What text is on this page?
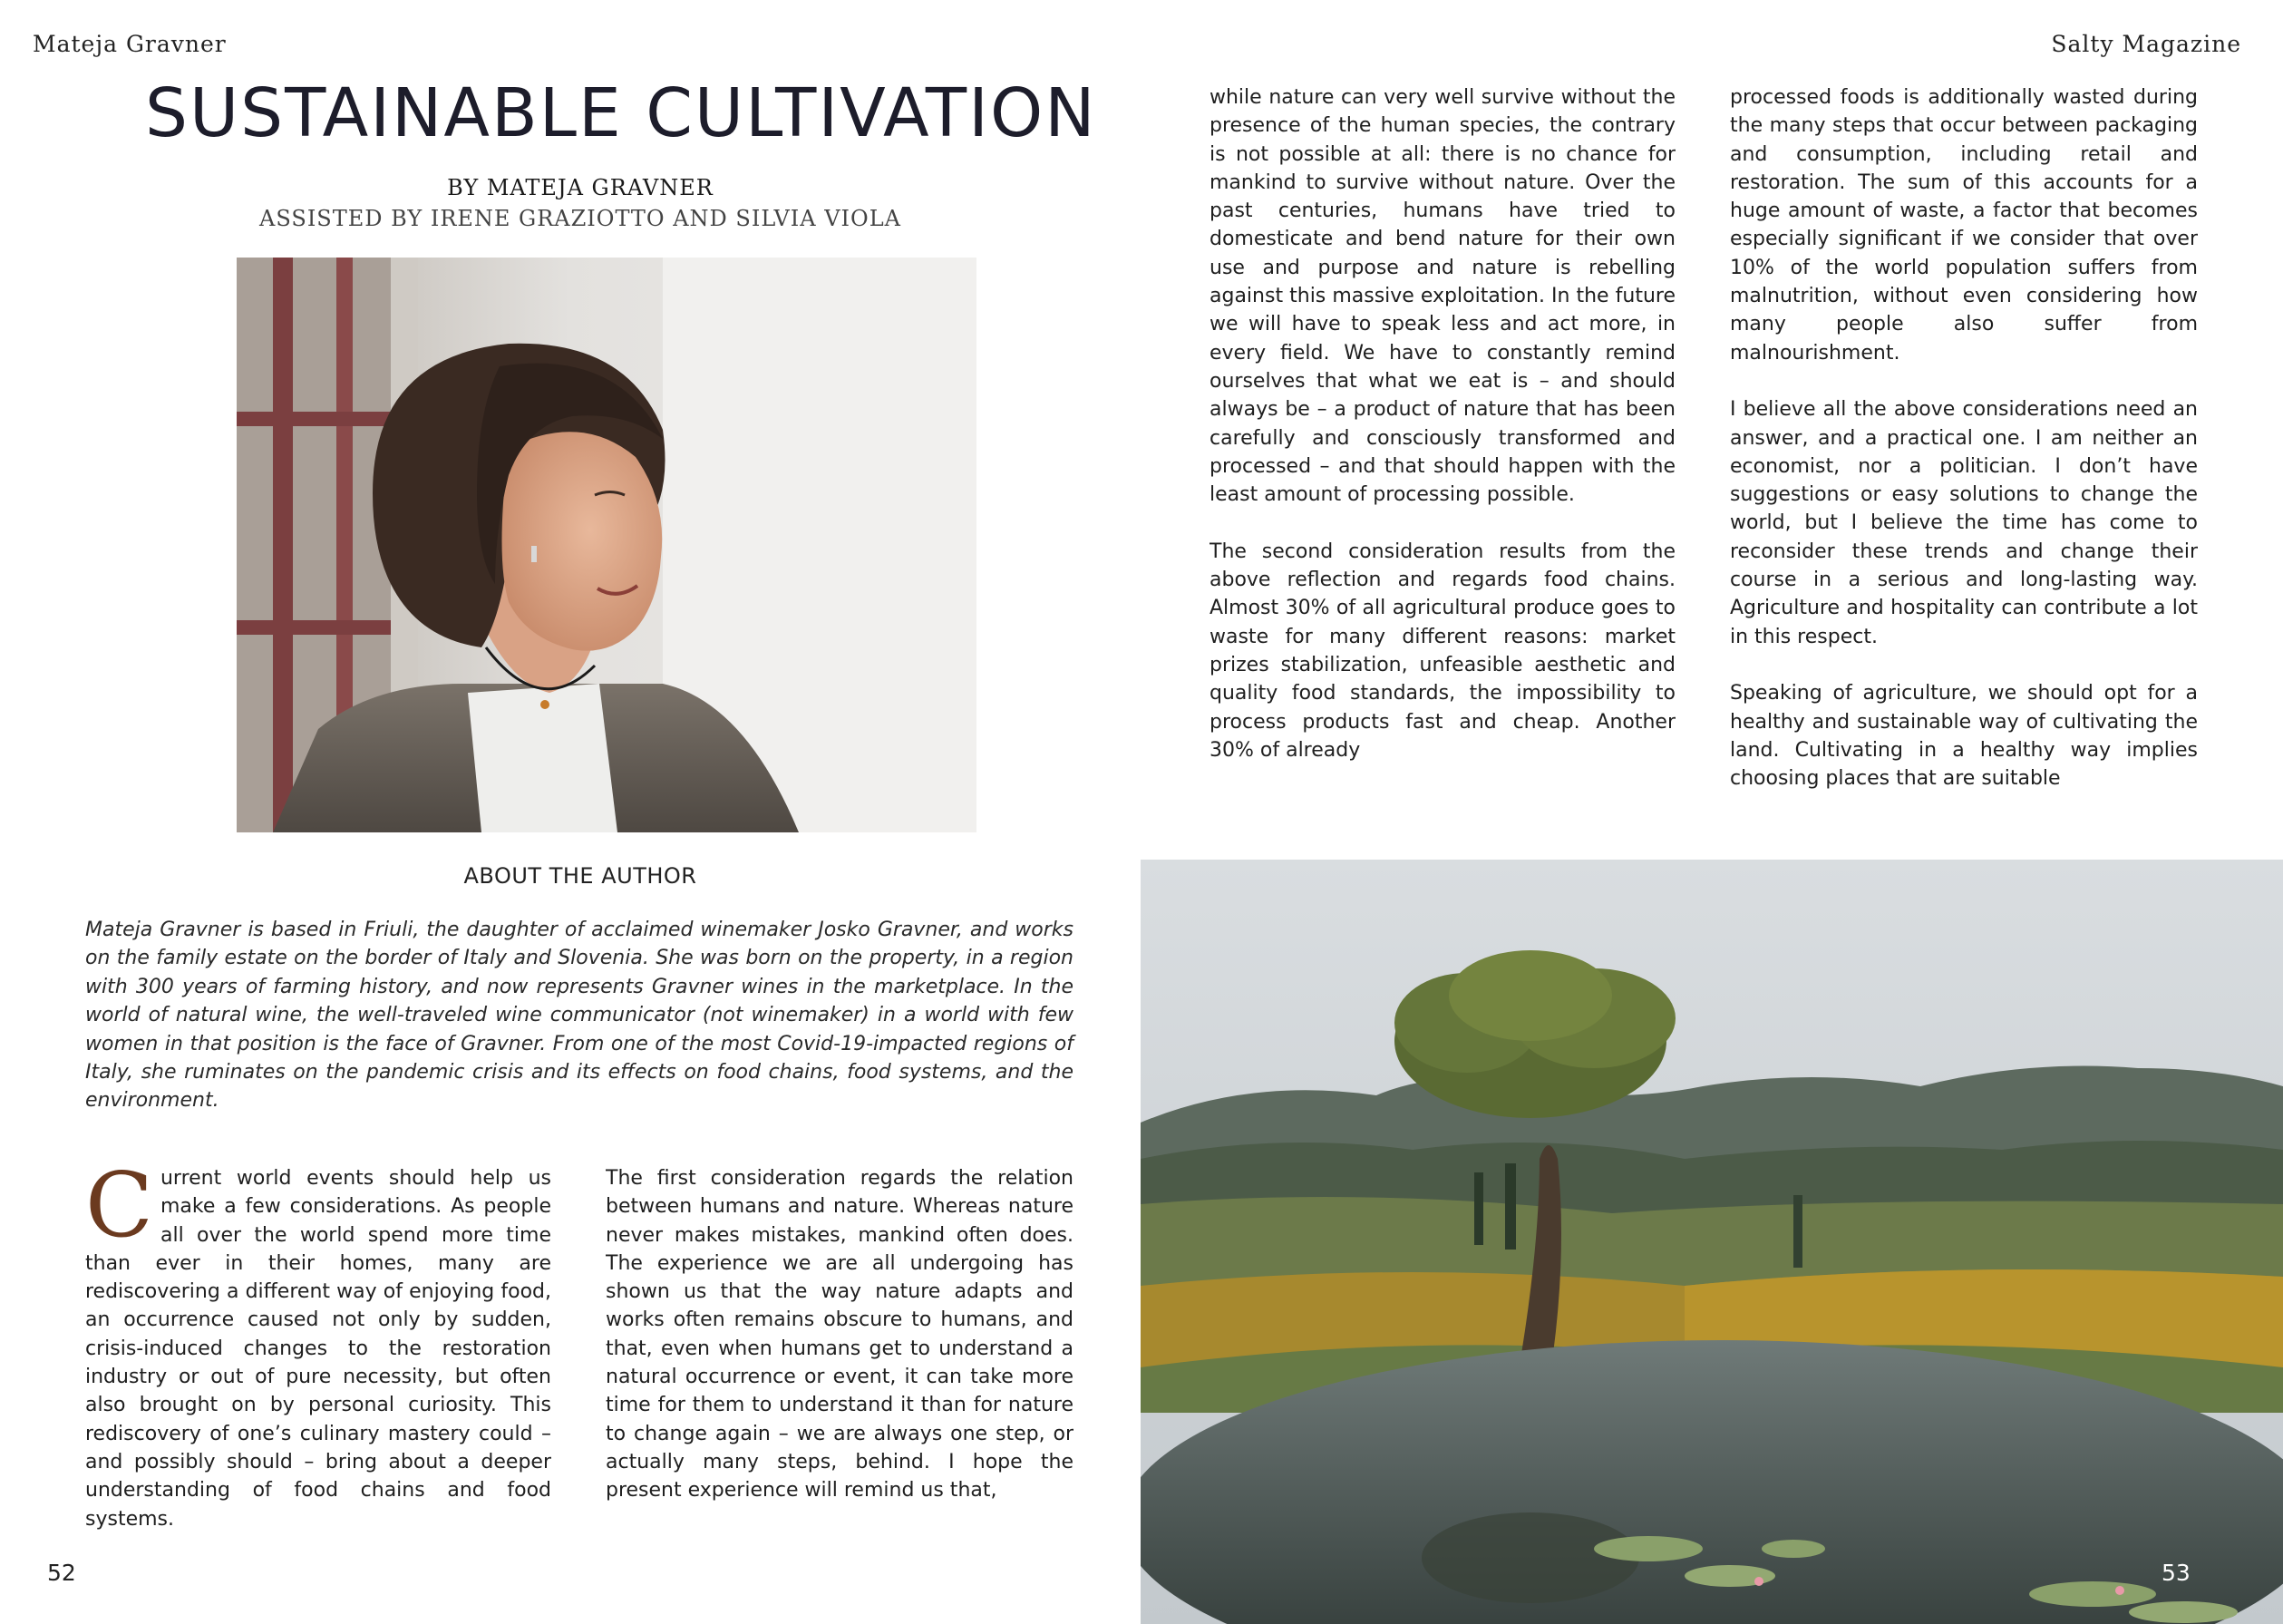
Mateja Gravner	Salty Magazine
SUSTAINABLE CULTIVATION
BY MATEJA GRAVNER
ASSISTED BY IRENE GRAZIOTTO AND SILVIA VIOLA
ABOUT THE AUTHOR

Mateja Gravner is based in Friuli, the daughter of acclaimed winemaker Josko Gravner, and works on the family estate on the border of Italy and Slovenia. She was born on the property, in a region with 300 years of farming history, and now represents Gravner wines in the marketplace. In the world of natural wine, the well-traveled wine communicator (not winemaker) in a world with few women in that position is the face of Gravner. From one of the most Covid-19-impacted regions of Italy, she ruminates on the pandemic crisis and its effects on food chains, food systems, and the environment.

Current world events should help us make a few considerations. As people all over the world spend more time than ever in their homes, many are rediscovering a different way of enjoying food, an occurrence caused not only by sudden, crisis-induced changes to the restoration industry or out of pure necessity, but often also brought on by personal curiosity. This rediscovery of one’s culinary mastery could – and possibly should – bring about a deeper understanding of food chains and food systems.

The first consideration regards the relation between humans and nature. Whereas nature never makes mistakes, mankind often does. The experience we are all undergoing has shown us that the way nature adapts and works often remains obscure to humans, and that, even when humans get to understand a natural occurrence or event, it can take more time for them to understand it than for nature to change again – we are always one step, or actually many steps, behind. I hope the present experience will remind us that,

while nature can very well survive without the presence of the human species, the contrary is not possible at all: there is no chance for mankind to survive without nature. Over the past centuries, humans have tried to domesticate and bend nature for their own use and purpose and nature is rebelling against this massive exploitation. In the future we will have to speak less and act more, in every field. We have to constantly remind ourselves that what we eat is – and should always be – a product of nature that has been carefully and consciously transformed and processed – and that should happen with the least amount of processing possible.

The second consideration results from the above reflection and regards food chains. Almost 30% of all agricultural produce goes to waste for many different reasons: market prizes stabilization, unfeasible aesthetic and quality food standards, the impossibility to process products fast and cheap. Another 30% of already

processed foods is additionally wasted during the many steps that occur between packaging and consumption, including retail and restoration. The sum of this accounts for a huge amount of waste, a factor that becomes especially significant if we consider that over 10% of the world population suffers from malnutrition, without even considering how many people also suffer from malnourishment.

I believe all the above considerations need an answer, and a practical one. I am neither an economist, nor a politician. I don’t have suggestions or easy solutions to change the world, but I believe the time has come to reconsider these trends and change their course in a serious and long-lasting way. Agriculture and hospitality can contribute a lot in this respect.

Speaking of agriculture, we should opt for a healthy and sustainable way of cultivating the land. Cultivating in a healthy way implies choosing places that are suitable

52	53
